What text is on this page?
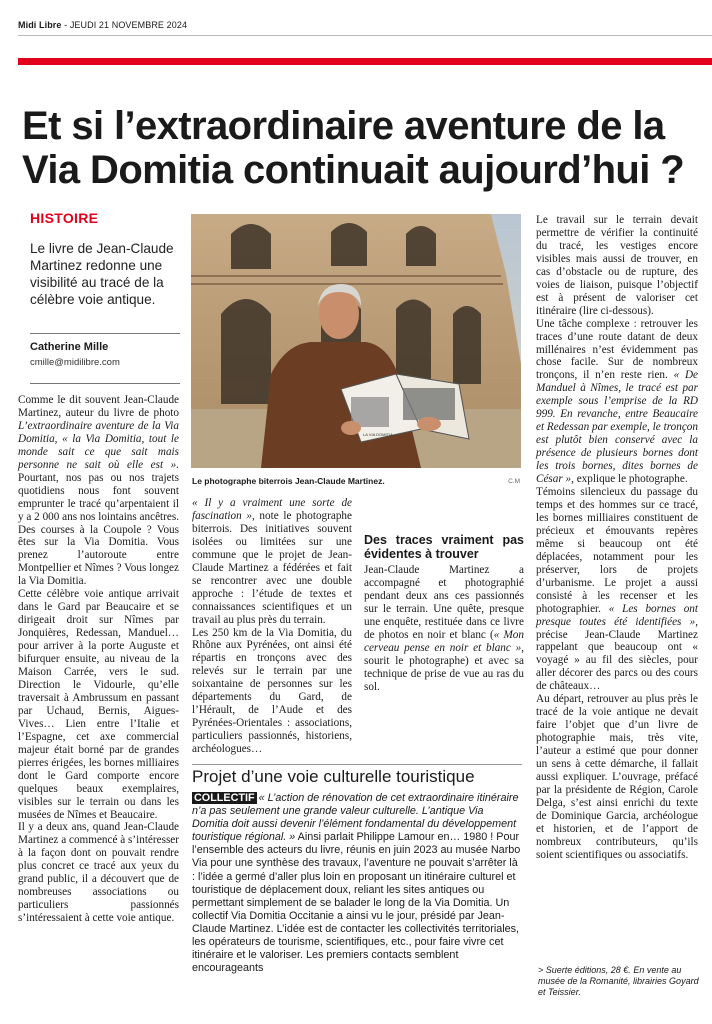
Midi Libre - JEUDI 21 NOVEMBRE 2024
Et si l’extraordinaire aventure de la Via Domitia continuait aujourd’hui ?
HISTOIRE
Le livre de Jean-Claude Martinez redonne une visibilité au tracé de la célèbre voie antique.
Catherine Mille
cmille@midilibre.com

Comme le dit souvent Jean-Claude Martinez, auteur du livre de photo L’extraordinaire aventure de la Via Domitia, « la Via Domitia, tout le monde sait ce que sait mais personne ne sait où elle est ». Pourtant, nos pas ou nos trajets quotidiens nous font souvent emprunter le tracé qu’arpentaient il y a 2 000 ans nos lointains ancêtres. Des courses à la Coupole ? Vous êtes sur la Via Domitia. Vous prenez l’autoroute entre Montpellier et Nîmes ? Vous longez la Via Domitia.

Cette célèbre voie antique arrivait dans le Gard par Beaucaire et se dirigeait droit sur Nîmes par Jonquières, Redessan, Manduel… pour arriver à la porte Auguste et bifurquer ensuite, au niveau de la Maison Carrée, vers le sud. Direction le Vidourle, qu’elle traversait à Ambrussum en passant par Uchaud, Bernis, Aigues-Vives… Lien entre l’Italie et l’Espagne, cet axe commercial majeur était borné par de grandes pierres érigées, les bornes milliaires dont le Gard comporte encore quelques beaux exemplaires, visibles sur le terrain ou dans les musées de Nîmes et Beaucaire.

Il y a deux ans, quand Jean-Claude Martinez a commencé à s’intéresser à la façon dont on pouvait rendre plus concret ce tracé aux yeux du grand public, il a découvert que de nombreuses associations ou particuliers passionnés s’intéressaient à cette voie antique.

LA VIA DOMITIA
Le photographe biterrois Jean-Claude Martinez.	C.M

« Il y a vraiment une sorte de fascination », note le photographe biterrois. Des initiatives souvent isolées ou limitées sur une commune que le projet de Jean-Claude Martinez a fédérées et fait se rencontrer avec une double approche : l’étude de textes et connaissances scientifiques et un travail au plus près du terrain.

Les 250 km de la Via Domitia, du Rhône aux Pyrénées, ont ainsi été répartis en tronçons avec des relevés sur le terrain par une soixantaine de personnes sur les départements du Gard, de l’Hérault, de l’Aude et des Pyrénées-Orientales : associations, particuliers passionnés, historiens, archéologues…

Des traces vraiment pas évidentes à trouver

Jean-Claude Martinez a accompagné et photographié pendant deux ans ces passionnés sur le terrain. Une quête, presque une enquête, restituée dans ce livre de photos en noir et blanc (« Mon cerveau pense en noir et blanc », sourit le photographe) et avec sa technique de prise de vue au ras du sol.

Le travail sur le terrain devait permettre de vérifier la continuité du tracé, les vestiges encore visibles mais aussi de trouver, en cas d’obstacle ou de rupture, des voies de liaison, puisque l’objectif est à présent de valoriser cet itinéraire (lire ci-dessous).

Une tâche complexe : retrouver les traces d’une route datant de deux millénaires n’est évidemment pas chose facile. Sur de nombreux tronçons, il n’en reste rien. « De Manduel à Nîmes, le tracé est par exemple sous l’emprise de la RD 999. En revanche, entre Beaucaire et Redessan par exemple, le tronçon est plutôt bien conservé avec la présence de plusieurs bornes dont les trois bornes, dites bornes de César », explique le photographe.

Témoins silencieux du passage du temps et des hommes sur ce tracé, les bornes milliaires constituent de précieux et émouvants repères même si beaucoup ont été déplacées, notamment pour les préserver, lors de projets d’urbanisme. Le projet a aussi consisté à les recenser et les photographier. « Les bornes ont presque toutes été identifiées », précise Jean-Claude Martinez rappelant que beaucoup ont « voyagé » au fil des siècles, pour aller décorer des parcs ou des cours de châteaux…

Au départ, retrouver au plus près le tracé de la voie antique ne devait faire l’objet que d’un livre de photographie mais, très vite, l’auteur a estimé que pour donner un sens à cette démarche, il fallait aussi expliquer. L’ouvrage, préfacé par la présidente de Région, Carole Delga, s’est ainsi enrichi du texte de Dominique Garcia, archéologue et historien, et de l’apport de nombreux contributeurs, qu’ils soient scientifiques ou associatifs.

Projet d’une voie culturelle touristique
COLLECTIF « L’action de rénovation de cet extraordinaire itinéraire n’a pas seulement une grande valeur culturelle. L’antique Via Domitia doit aussi devenir l’élément fondamental du développement touristique régional. » Ainsi parlait Philippe Lamour en… 1980 ! Pour l’ensemble des acteurs du livre, réunis en juin 2023 au musée Narbo Via pour une synthèse des travaux, l’aventure ne pouvait s’arrêter là : l’idée a germé d’aller plus loin en proposant un itinéraire culturel et touristique de déplacement doux, reliant les sites antiques ou permettant simplement de se balader le long de la Via Domitia. Un collectif Via Domitia Occitanie a ainsi vu le jour, présidé par Jean-Claude Martinez. L’idée est de contacter les collectivités territoriales, les opérateurs de tourisme, scientifiques, etc., pour faire vivre cet itinéraire et le valoriser. Les premiers contacts semblent encourageants	> Suerte éditions, 28 €. En vente au musée de la Romanité, librairies Goyard et Teissier.
